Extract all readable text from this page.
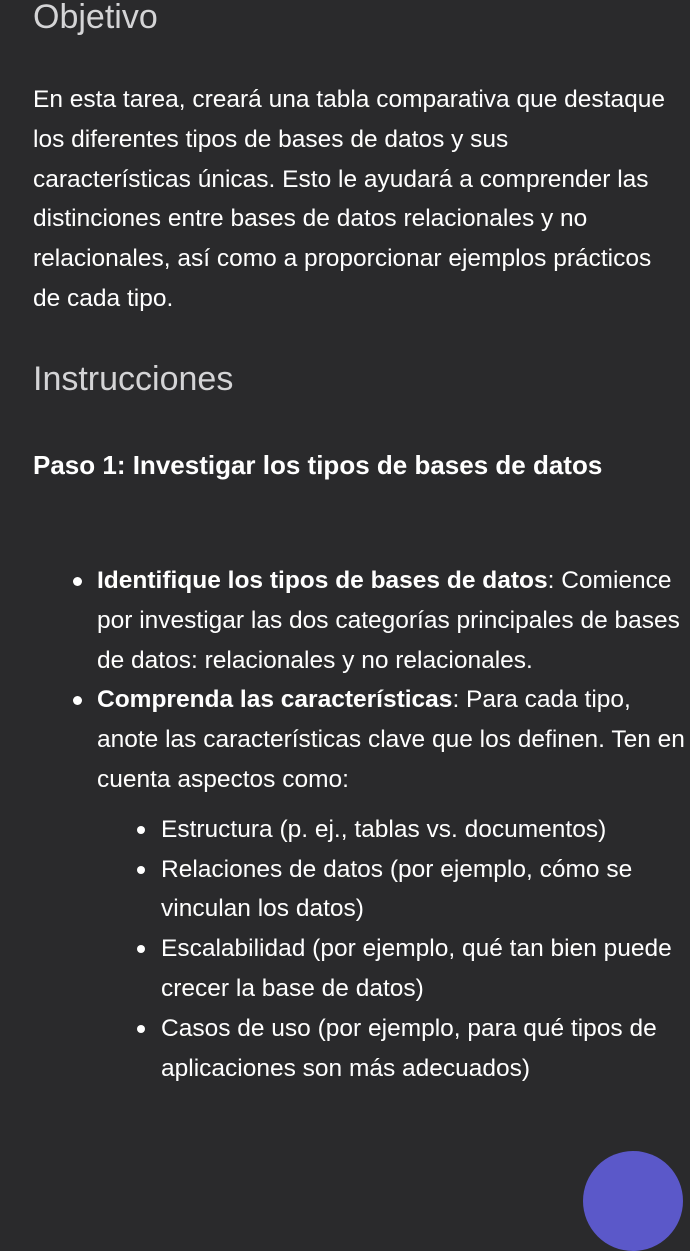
Objetivo

En esta tarea, creará una tabla comparativa que destaque los diferentes tipos de bases de datos y sus características únicas. Esto le ayudará a comprender las distinciones entre bases de datos relacionales y no relacionales, así como a proporcionar ejemplos prácticos de cada tipo.

Instrucciones
Paso 1: Investigar los tipos de bases de datos
Identifique los tipos de bases de datos: Comience por investigar las dos categorías principales de bases de datos: relacionales y no relacionales.
Comprenda las características: Para cada tipo, anote las características clave que los definen. Ten en cuenta aspectos como:
Estructura (p. ej., tablas vs. documentos)
Relaciones de datos (por ejemplo, cómo se vinculan los datos)
Escalabilidad (por ejemplo, qué tan bien puede crecer la base de datos)
Casos de uso (por ejemplo, para qué tipos de aplicaciones son más adecuados)
